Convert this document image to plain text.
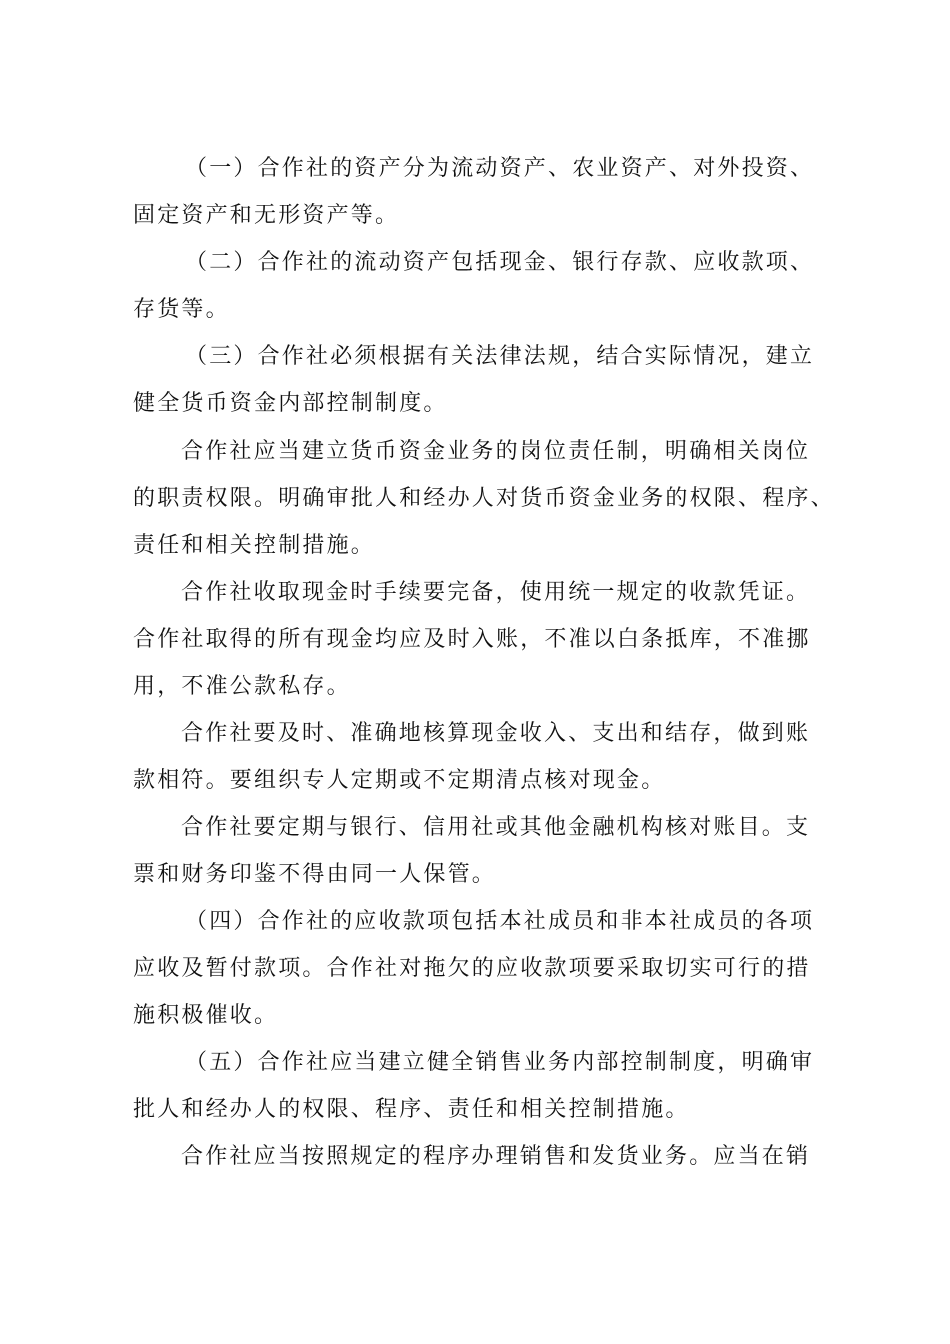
（一）合作社的资产分为流动资产、农业资产、对外投资、
固定资产和无形资产等。
（二）合作社的流动资产包括现金、银行存款、应收款项、
存货等。
（三）合作社必须根据有关法律法规，结合实际情况，建立
健全货币资金内部控制制度。
合作社应当建立货币资金业务的岗位责任制，明确相关岗位
的职责权限。明确审批人和经办人对货币资金业务的权限、程序、
责任和相关控制措施。
合作社收取现金时手续要完备，使用统一规定的收款凭证。
合作社取得的所有现金均应及时入账，不准以白条抵库，不准挪
用，不准公款私存。
合作社要及时、准确地核算现金收入、支出和结存，做到账
款相符。要组织专人定期或不定期清点核对现金。
合作社要定期与银行、信用社或其他金融机构核对账目。支
票和财务印鉴不得由同一人保管。
（四）合作社的应收款项包括本社成员和非本社成员的各项
应收及暂付款项。合作社对拖欠的应收款项要采取切实可行的措
施积极催收。
（五）合作社应当建立健全销售业务内部控制制度，明确审
批人和经办人的权限、程序、责任和相关控制措施。
合作社应当按照规定的程序办理销售和发货业务。应当在销
